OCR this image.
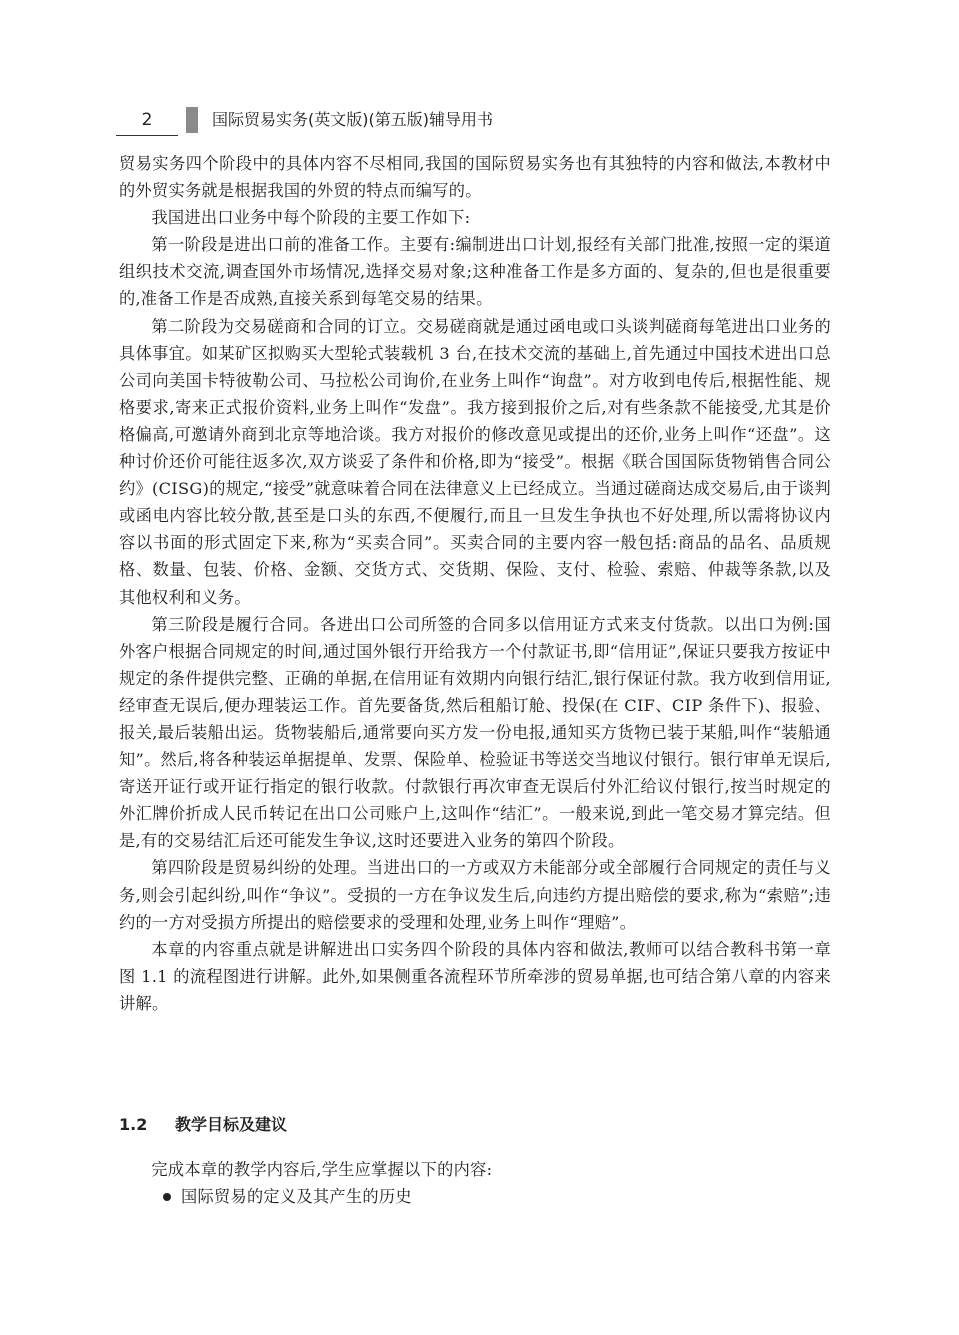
2	国际贸易实务(英文版)(第五版)辅导用书

贸易实务四个阶段中的具体内容不尽相同,我国的国际贸易实务也有其独特的内容和做法,本教材中的外贸实务就是根据我国的外贸的特点而编写的。

我国进出口业务中每个阶段的主要工作如下:

第一阶段是进出口前的准备工作。主要有:编制进出口计划,报经有关部门批准,按照一定的渠道组织技术交流,调查国外市场情况,选择交易对象;这种准备工作是多方面的、复杂的,但也是很重要的,准备工作是否成熟,直接关系到每笔交易的结果。

第二阶段为交易磋商和合同的订立。交易磋商就是通过函电或口头谈判磋商每笔进出口业务的具体事宜。如某矿区拟购买大型轮式装载机 3 台,在技术交流的基础上,首先通过中国技术进出口总公司向美国卡特彼勒公司、马拉松公司询价,在业务上叫作“询盘”。对方收到电传后,根据性能、规格要求,寄来正式报价资料,业务上叫作“发盘”。我方接到报价之后,对有些条款不能接受,尤其是价格偏高,可邀请外商到北京等地洽谈。我方对报价的修改意见或提出的还价,业务上叫作“还盘”。这种讨价还价可能往返多次,双方谈妥了条件和价格,即为“接受”。根据《联合国国际货物销售合同公约》(CISG)的规定,“接受”就意味着合同在法律意义上已经成立。当通过磋商达成交易后,由于谈判或函电内容比较分散,甚至是口头的东西,不便履行,而且一旦发生争执也不好处理,所以需将协议内容以书面的形式固定下来,称为“买卖合同”。买卖合同的主要内容一般包括:商品的品名、品质规格、数量、包装、价格、金额、交货方式、交货期、保险、支付、检验、索赔、仲裁等条款,以及其他权利和义务。

第三阶段是履行合同。各进出口公司所签的合同多以信用证方式来支付货款。以出口为例:国外客户根据合同规定的时间,通过国外银行开给我方一个付款证书,即“信用证”,保证只要我方按证中规定的条件提供完整、正确的单据,在信用证有效期内向银行结汇,银行保证付款。我方收到信用证,经审查无误后,便办理装运工作。首先要备货,然后租船订舱、投保(在 CIF、CIP 条件下)、报验、报关,最后装船出运。货物装船后,通常要向买方发一份电报,通知买方货物已装于某船,叫作“装船通知”。然后,将各种装运单据提单、发票、保险单、检验证书等送交当地议付银行。银行审单无误后,寄送开证行或开证行指定的银行收款。付款银行再次审查无误后付外汇给议付银行,按当时规定的外汇牌价折成人民币转记在出口公司账户上,这叫作“结汇”。一般来说,到此一笔交易才算完结。但是,有的交易结汇后还可能发生争议,这时还要进入业务的第四个阶段。

第四阶段是贸易纠纷的处理。当进出口的一方或双方未能部分或全部履行合同规定的责任与义务,则会引起纠纷,叫作“争议”。受损的一方在争议发生后,向违约方提出赔偿的要求,称为“索赔”;违约的一方对受损方所提出的赔偿要求的受理和处理,业务上叫作“理赔”。

本章的内容重点就是讲解进出口实务四个阶段的具体内容和做法,教师可以结合教科书第一章图 1.1 的流程图进行讲解。此外,如果侧重各流程环节所牵涉的贸易单据,也可结合第八章的内容来讲解。

1.2 教学目标及建议

完成本章的教学内容后,学生应掌握以下的内容:

国际贸易的定义及其产生的历史
